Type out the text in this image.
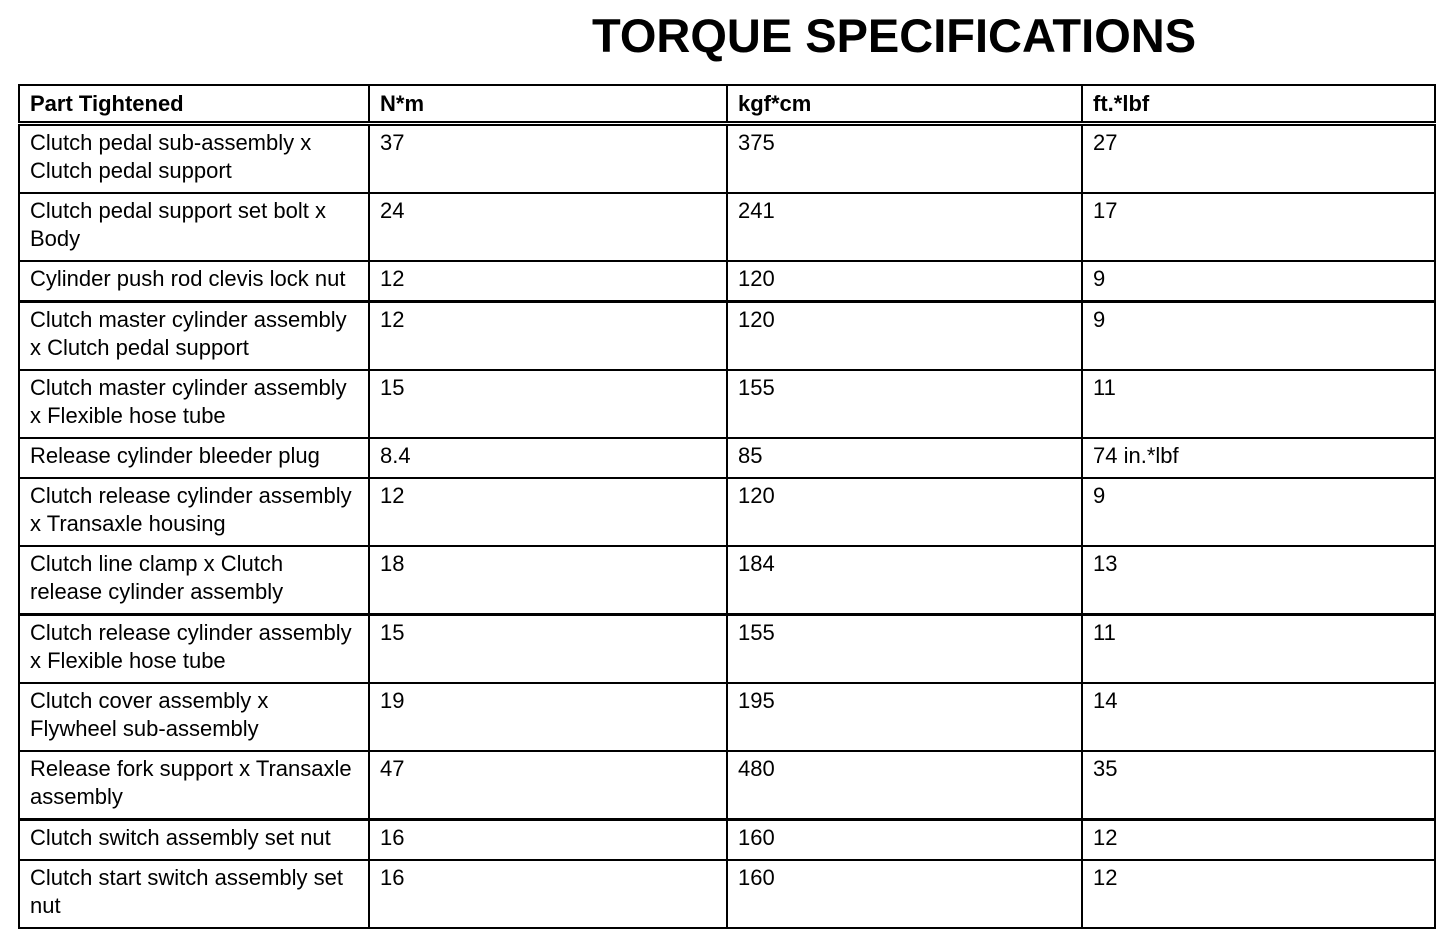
TORQUE SPECIFICATIONS
Part Tightened	N*m	kgf*cm	ft.*lbf
Clutch pedal sub-assembly x Clutch pedal support	37	375	27
Clutch pedal support set bolt x Body	24	241	17
Cylinder push rod clevis lock nut	12	120	9
Clutch master cylinder assembly x Clutch pedal support	12	120	9
Clutch master cylinder assembly x Flexible hose tube	15	155	11
Release cylinder bleeder plug	8.4	85	74 in.*lbf
Clutch release cylinder assembly x Transaxle housing	12	120	9
Clutch line clamp x Clutch release cylinder assembly	18	184	13
Clutch release cylinder assembly x Flexible hose tube	15	155	11
Clutch cover assembly x Flywheel sub-assembly	19	195	14
Release fork support x Transaxle assembly	47	480	35
Clutch switch assembly set nut	16	160	12
Clutch start switch assembly set nut	16	160	12
